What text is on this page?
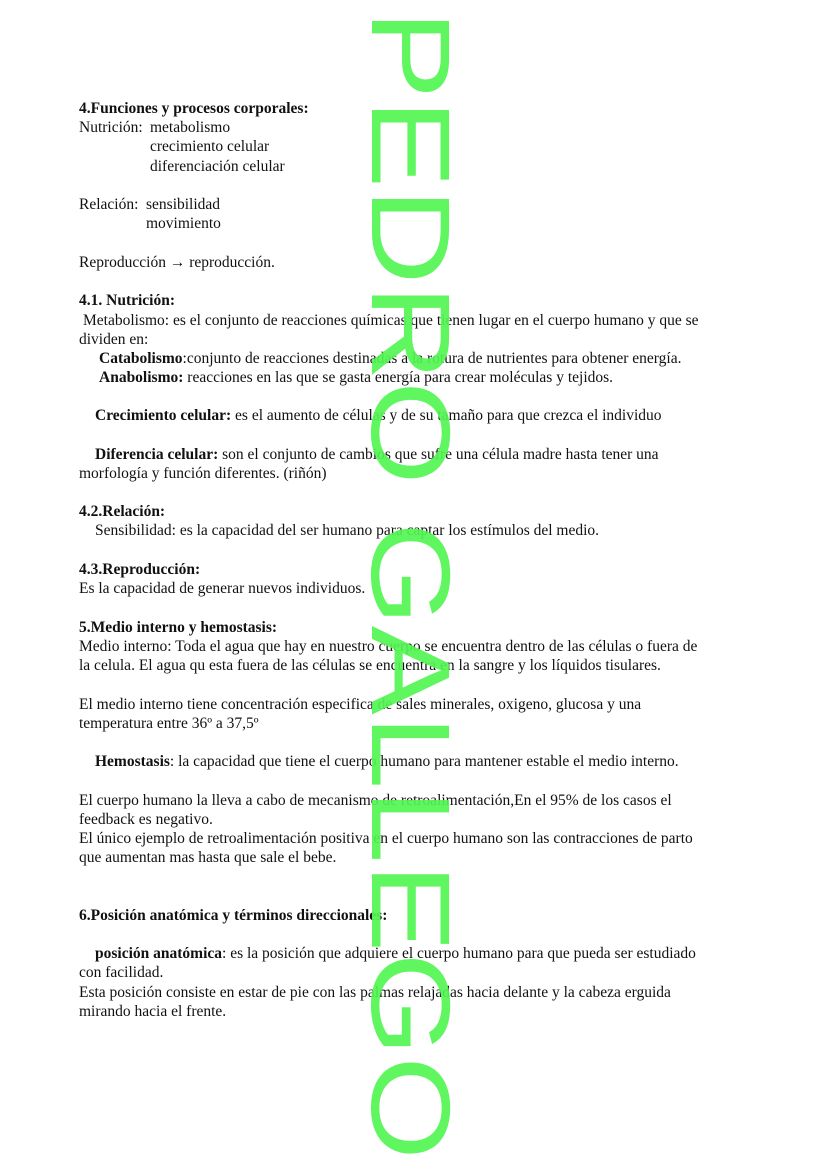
4.Funciones y procesos corporales:
Nutrición: metabolismo
crecimiento celular
diferenciación celular
Relación: sensibilidad
movimiento
Reproducción → reproducción.
4.1. Nutrición:
Metabolismo: es el conjunto de reacciones químicas que tienen lugar en el cuerpo humano y que se
dividen en:
Catabolismo:conjunto de reacciones destinadas a la rotura de nutrientes para obtener energía.
Anabolismo: reacciones en las que se gasta energía para crear moléculas y tejidos.
Crecimiento celular: es el aumento de células y de su tamaño para que crezca el individuo
Diferencia celular: son el conjunto de cambios que sufre una célula madre hasta tener una
morfología y función diferentes. (riñón)
4.2.Relación:
Sensibilidad: es la capacidad del ser humano para captar los estímulos del medio.
4.3.Reproducción:
Es la capacidad de generar nuevos individuos.
5.Medio interno y hemostasis:
Medio interno: Toda el agua que hay en nuestro cuerpo se encuentra dentro de las células o fuera de
la celula. El agua qu esta fuera de las células se encuentra en la sangre y los líquidos tisulares.
El medio interno tiene concentración especifica de sales minerales, oxigeno, glucosa y una
temperatura entre 36º a 37,5º
Hemostasis: la capacidad que tiene el cuerpo humano para mantener estable el medio interno.
El cuerpo humano la lleva a cabo de mecanismo de retroalimentación,En el 95% de los casos el
feedback es negativo.
El único ejemplo de retroalimentación positiva en el cuerpo humano son las contracciones de parto
que aumentan mas hasta que sale el bebe.
6.Posición anatómica y términos direccionales:
posición anatómica: es la posición que adquiere el cuerpo humano para que pueda ser estudiado
con facilidad.
Esta posición consiste en estar de pie con las palmas relajadas hacia delante y la cabeza erguida
mirando hacia el frente.
PEDRO GALLEGO
